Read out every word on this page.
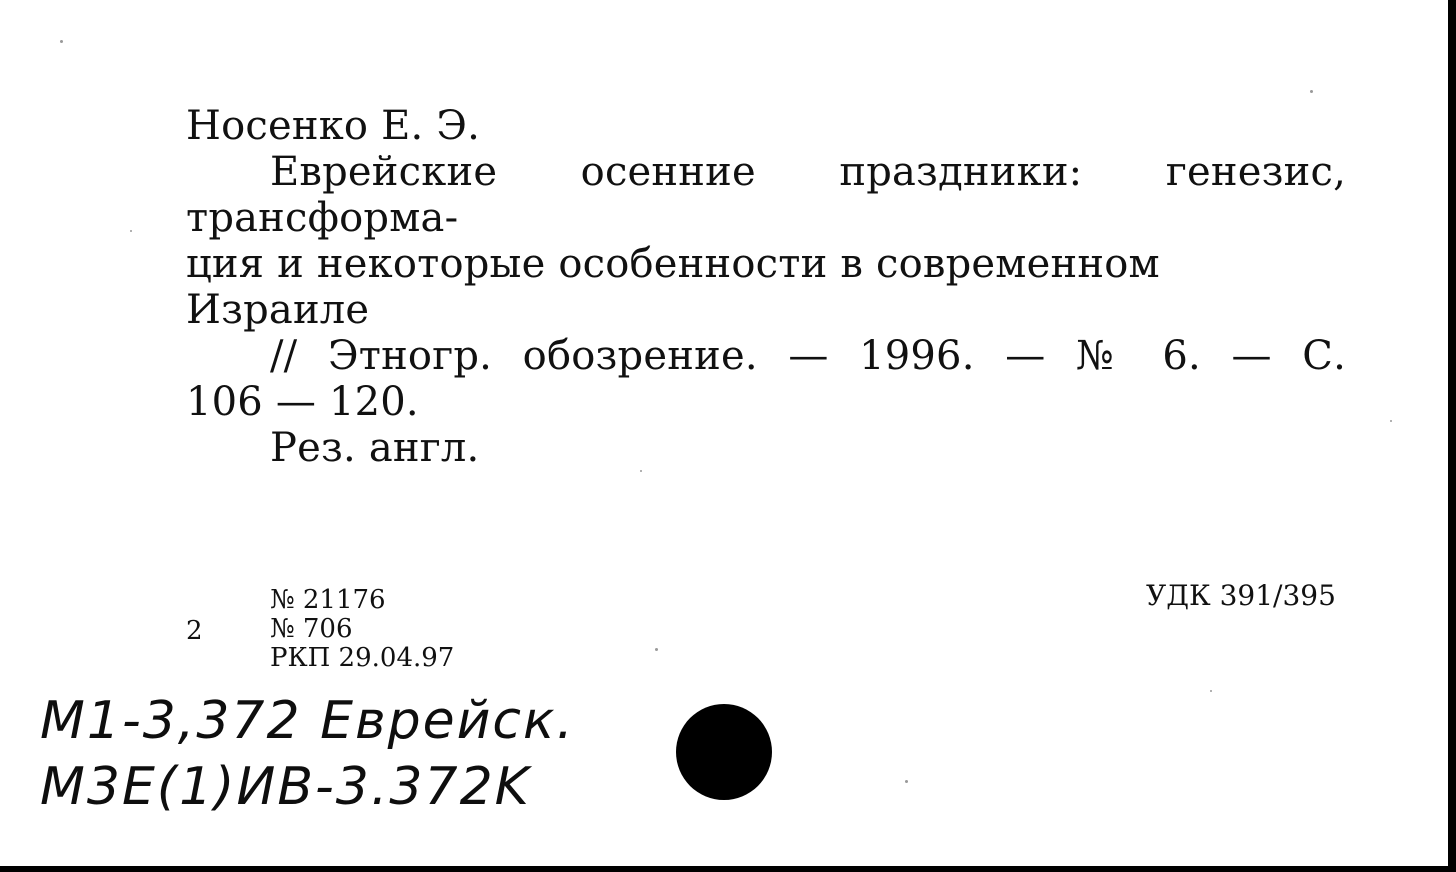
Носенко Е. Э.

Еврейские осенние праздники: генезис, трансформа-

ция и некоторые особенности в современном Израиле

// Этногр. обозрение. — 1996. — № 6. — С.

106 — 120.

Рез. англ.

2
№ 21176
№ 706
РКП 29.04.97
УДК 391/395
M1-3,372 Еврейск.
M3E(1)ИВ-3.372K
